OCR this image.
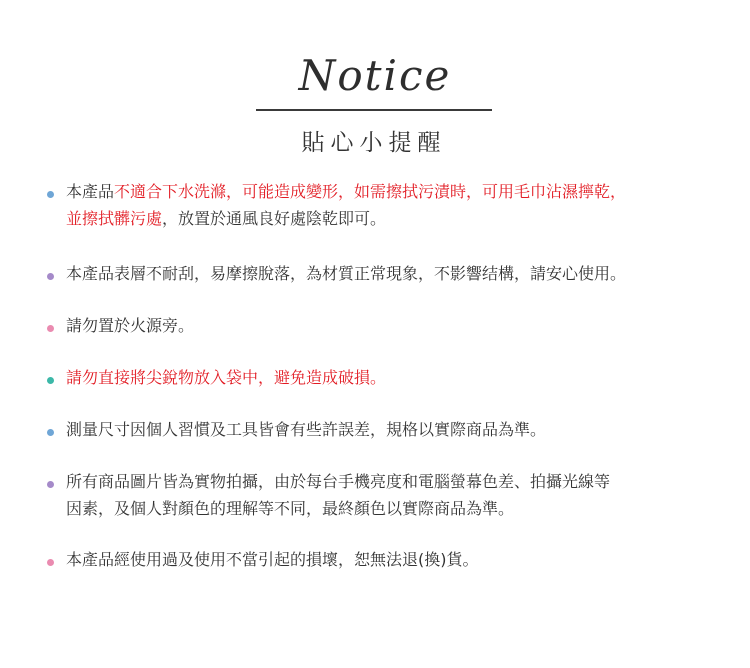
Notice
貼心小提醒
本產品不適合下水洗滌，可能造成變形，如需擦拭污漬時，可用毛巾沾濕擰乾，
並擦拭髒污處，放置於通風良好處陰乾即可。
本產品表層不耐刮，易摩擦脫落，為材質正常現象，不影響结構，請安心使用。
請勿置於火源旁。
請勿直接將尖銳物放入袋中，避免造成破損。
測量尺寸因個人習慣及工具皆會有些許誤差，規格以實際商品為準。
所有商品圖片皆為實物拍攝，由於每台手機亮度和電腦螢幕色差、拍攝光線等
因素，及個人對顏色的理解等不同，最終顏色以實際商品為準。
本產品經使用過及使用不當引起的損壞，恕無法退(換)貨。
